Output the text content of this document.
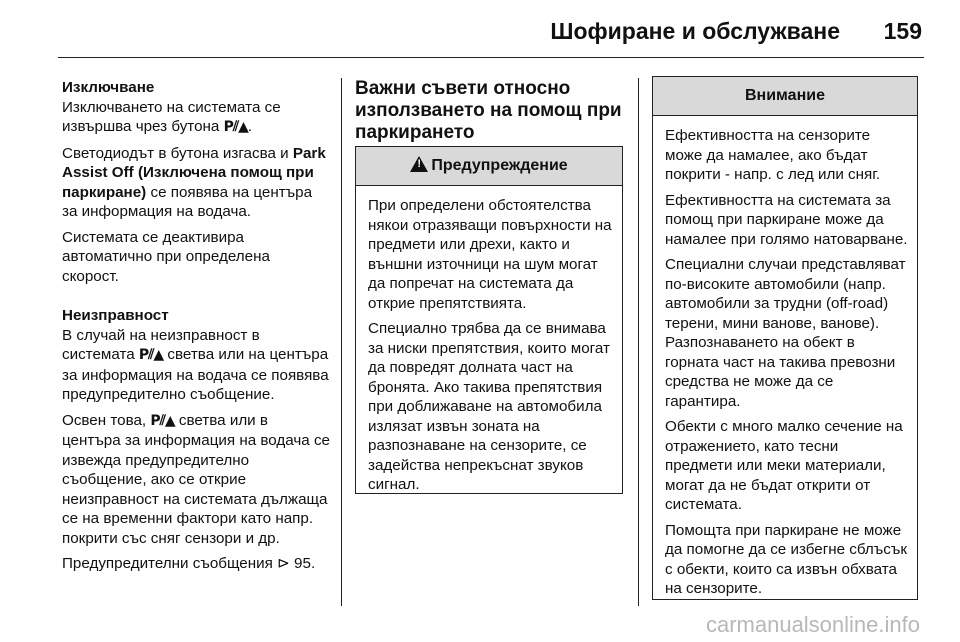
Шофиране и обслужване 159
Изключване

Изключването на системата се извършва чрез бутона P⫽▲.

Светодиодът в бутона изгасва и Park Assist Off (Изключена помощ при паркиране) се появява на центъра за информация на водача.

Системата се деактивира автоматично при определена скорост.

Неизправност

В случай на неизправност в системата P⫽▲ светва или на центъра за информация на водача се появява предупредително съобщение.

Освен това, P⫽▲ светва или в центъра за информация на водача се извежда предупредително съобщение, ако се открие неизправност на системата дължаща се на временни фактори като напр. покрити със сняг сензори и др.

Предупредителни съобщения ⊳ 95.

Важни съвети относно използването на помощ при паркирането
!Предупреждение

При определени обстоятелства някои отразяващи повърхности на предмети или дрехи, както и външни източници на шум могат да попречат на системата да открие препятствията.

Специално трябва да се внимава за ниски препятствия, които могат да повредят долната част на бронята. Ако такива препятствия при доближаване на автомобила излязат извън зоната на разпознаване на сензорите, се задейства непрекъснат звуков сигнал.

Внимание

Ефективността на сензорите може да намалее, ако бъдат покрити - напр. с лед или сняг.

Ефективността на системата за помощ при паркиране може да намалее при голямо натоварване.

Специални случаи представляват по-високите автомобили (напр. автомобили за трудни (off-road) терени, мини ванове, ванове).
Разпознаването на обект в горната част на такива превозни средства не може да се гарантира.

Обекти с много малко сечение на отражението, като тесни предмети или меки материали, могат да не бъдат открити от системата.

Помощта при паркиране не може да помогне да се избегне сблъсък с обекти, които са извън обхвата на сензорите.

carmanualsonline.info
